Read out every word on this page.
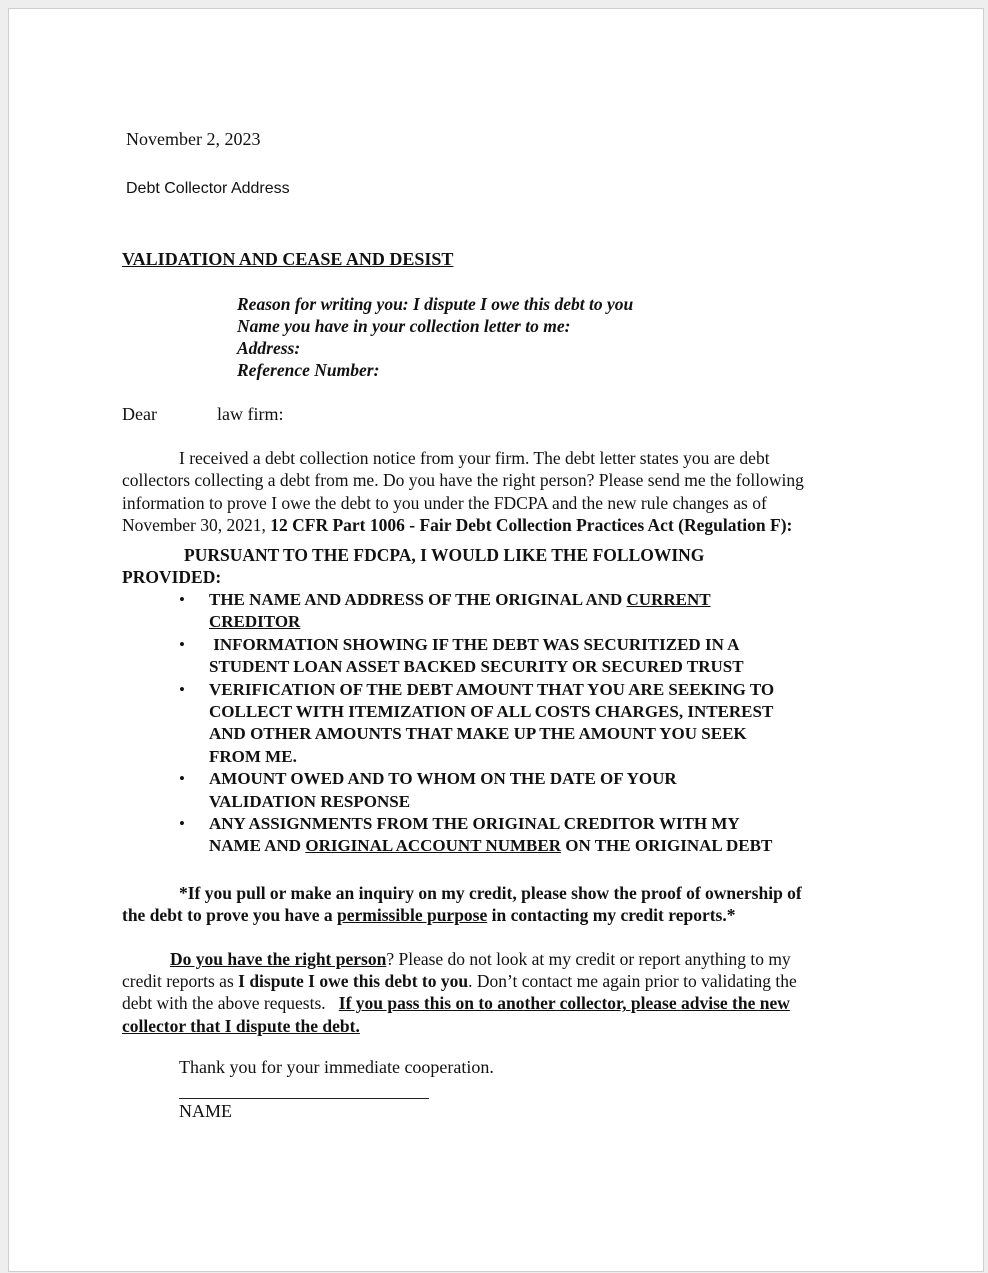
November 2, 2023
Debt Collector Address
VALIDATION AND CEASE AND DESIST
Reason for writing you: I dispute I owe this debt to you
Name you have in your collection letter to me:
Address:
Reference Number:
Dear	law firm:
I received a debt collection notice from your firm. The debt letter states you are debt
collectors collecting a debt from me. Do you have the right person? Please send me the following
information to prove I owe the debt to you under the FDCPA and the new rule changes as of
November 30, 2021, 12 CFR Part 1006 - Fair Debt Collection Practices Act (Regulation F):
PURSUANT TO THE FDCPA, I WOULD LIKE THE FOLLOWING
PROVIDED:
• THE NAME AND ADDRESS OF THE ORIGINAL AND CURRENT
CREDITOR
• INFORMATION SHOWING IF THE DEBT WAS SECURITIZED IN A
STUDENT LOAN ASSET BACKED SECURITY OR SECURED TRUST
• VERIFICATION OF THE DEBT AMOUNT THAT YOU ARE SEEKING TO
COLLECT WITH ITEMIZATION OF ALL COSTS CHARGES, INTEREST
AND OTHER AMOUNTS THAT MAKE UP THE AMOUNT YOU SEEK
FROM ME.
• AMOUNT OWED AND TO WHOM ON THE DATE OF YOUR
VALIDATION RESPONSE
• ANY ASSIGNMENTS FROM THE ORIGINAL CREDITOR WITH MY
NAME AND ORIGINAL ACCOUNT NUMBER ON THE ORIGINAL DEBT
*If you pull or make an inquiry on my credit, please show the proof of ownership of
the debt to prove you have a permissible purpose in contacting my credit reports.*
Do you have the right person? Please do not look at my credit or report anything to my
credit reports as I dispute I owe this debt to you. Don’t contact me again prior to validating the
debt with the above requests.   If you pass this on to another collector, please advise the new
collector that I dispute the debt.
Thank you for your immediate cooperation.
NAME
